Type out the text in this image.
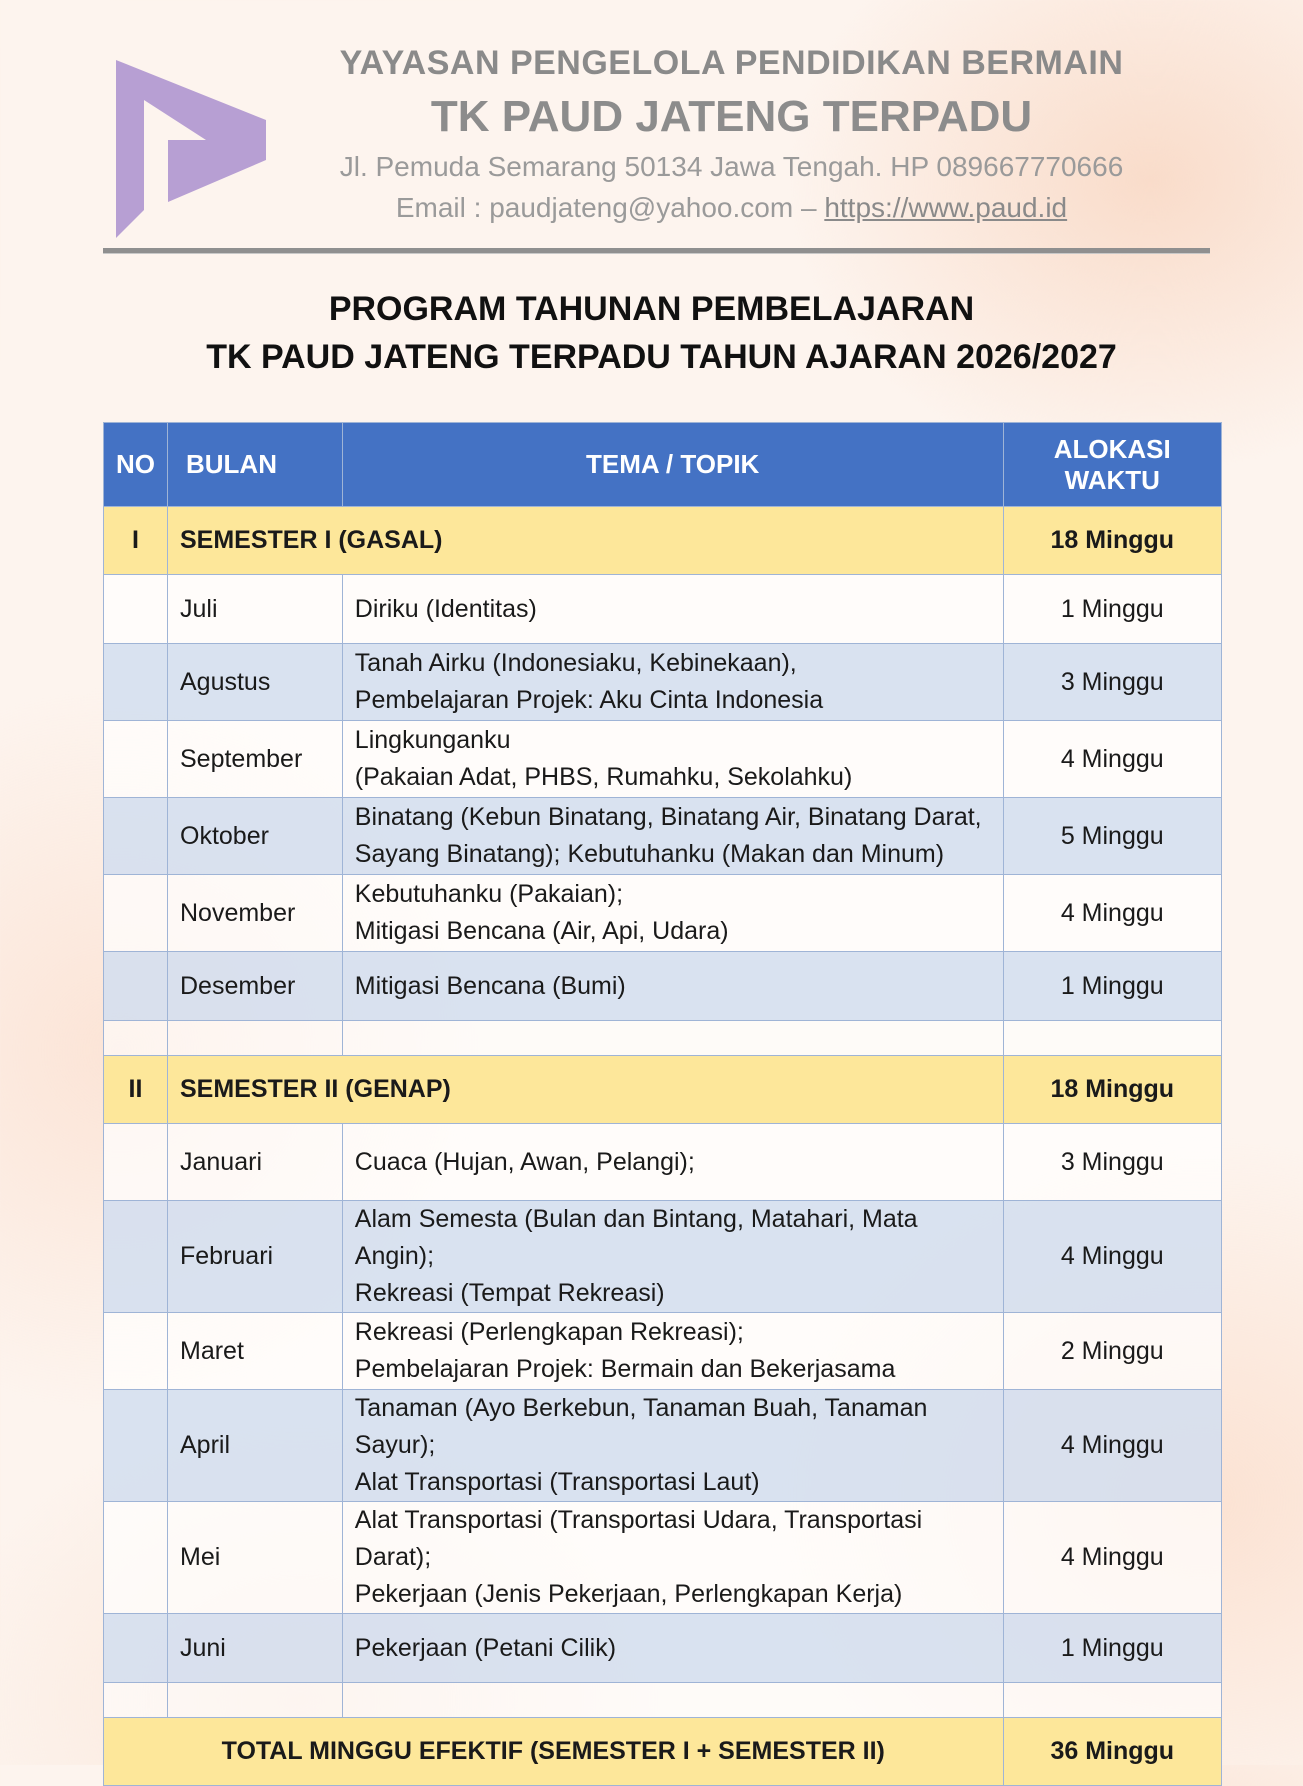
YAYASAN PENGELOLA PENDIDIKAN BERMAIN
TK PAUD JATENG TERPADU
Jl. Pemuda Semarang 50134 Jawa Tengah. HP 089667770666
Email : paudjateng@yahoo.com – https://www.paud.id
PROGRAM TAHUNAN PEMBELAJARAN
TK PAUD JATENG TERPADU TAHUN AJARAN 2026/2027
NO	BULAN	TEMA / TOPIK	ALOKASI
WAKTU
I	SEMESTER I (GASAL)		18 Minggu
	Juli	Diriku (Identitas)	1 Minggu
	Agustus	Tanah Airku (Indonesiaku, Kebinekaan),
Pembelajaran Projek: Aku Cinta Indonesia	3 Minggu
	September	Lingkunganku
(Pakaian Adat, PHBS, Rumahku, Sekolahku)	4 Minggu
	Oktober	Binatang (Kebun Binatang, Binatang Air, Binatang Darat,
Sayang Binatang); Kebutuhanku (Makan dan Minum)	5 Minggu
	November	Kebutuhanku (Pakaian);
Mitigasi Bencana (Air, Api, Udara)	4 Minggu
	Desember	Mitigasi Bencana (Bumi)	1 Minggu

II	SEMESTER II (GENAP)		18 Minggu
	Januari	Cuaca (Hujan, Awan, Pelangi);	3 Minggu
	Februari	Alam Semesta (Bulan dan Bintang, Matahari, Mata Angin);
Rekreasi (Tempat Rekreasi)	4 Minggu
	Maret	Rekreasi (Perlengkapan Rekreasi);
Pembelajaran Projek: Bermain dan Bekerjasama	2 Minggu
	April	Tanaman (Ayo Berkebun, Tanaman Buah, Tanaman Sayur);
Alat Transportasi (Transportasi Laut)	4 Minggu
	Mei	Alat Transportasi (Transportasi Udara, Transportasi Darat);
Pekerjaan (Jenis Pekerjaan, Perlengkapan Kerja)	4 Minggu
	Juni	Pekerjaan (Petani Cilik)	1 Minggu

TOTAL MINGGU EFEKTIF (SEMESTER I + SEMESTER II)			36 Minggu
